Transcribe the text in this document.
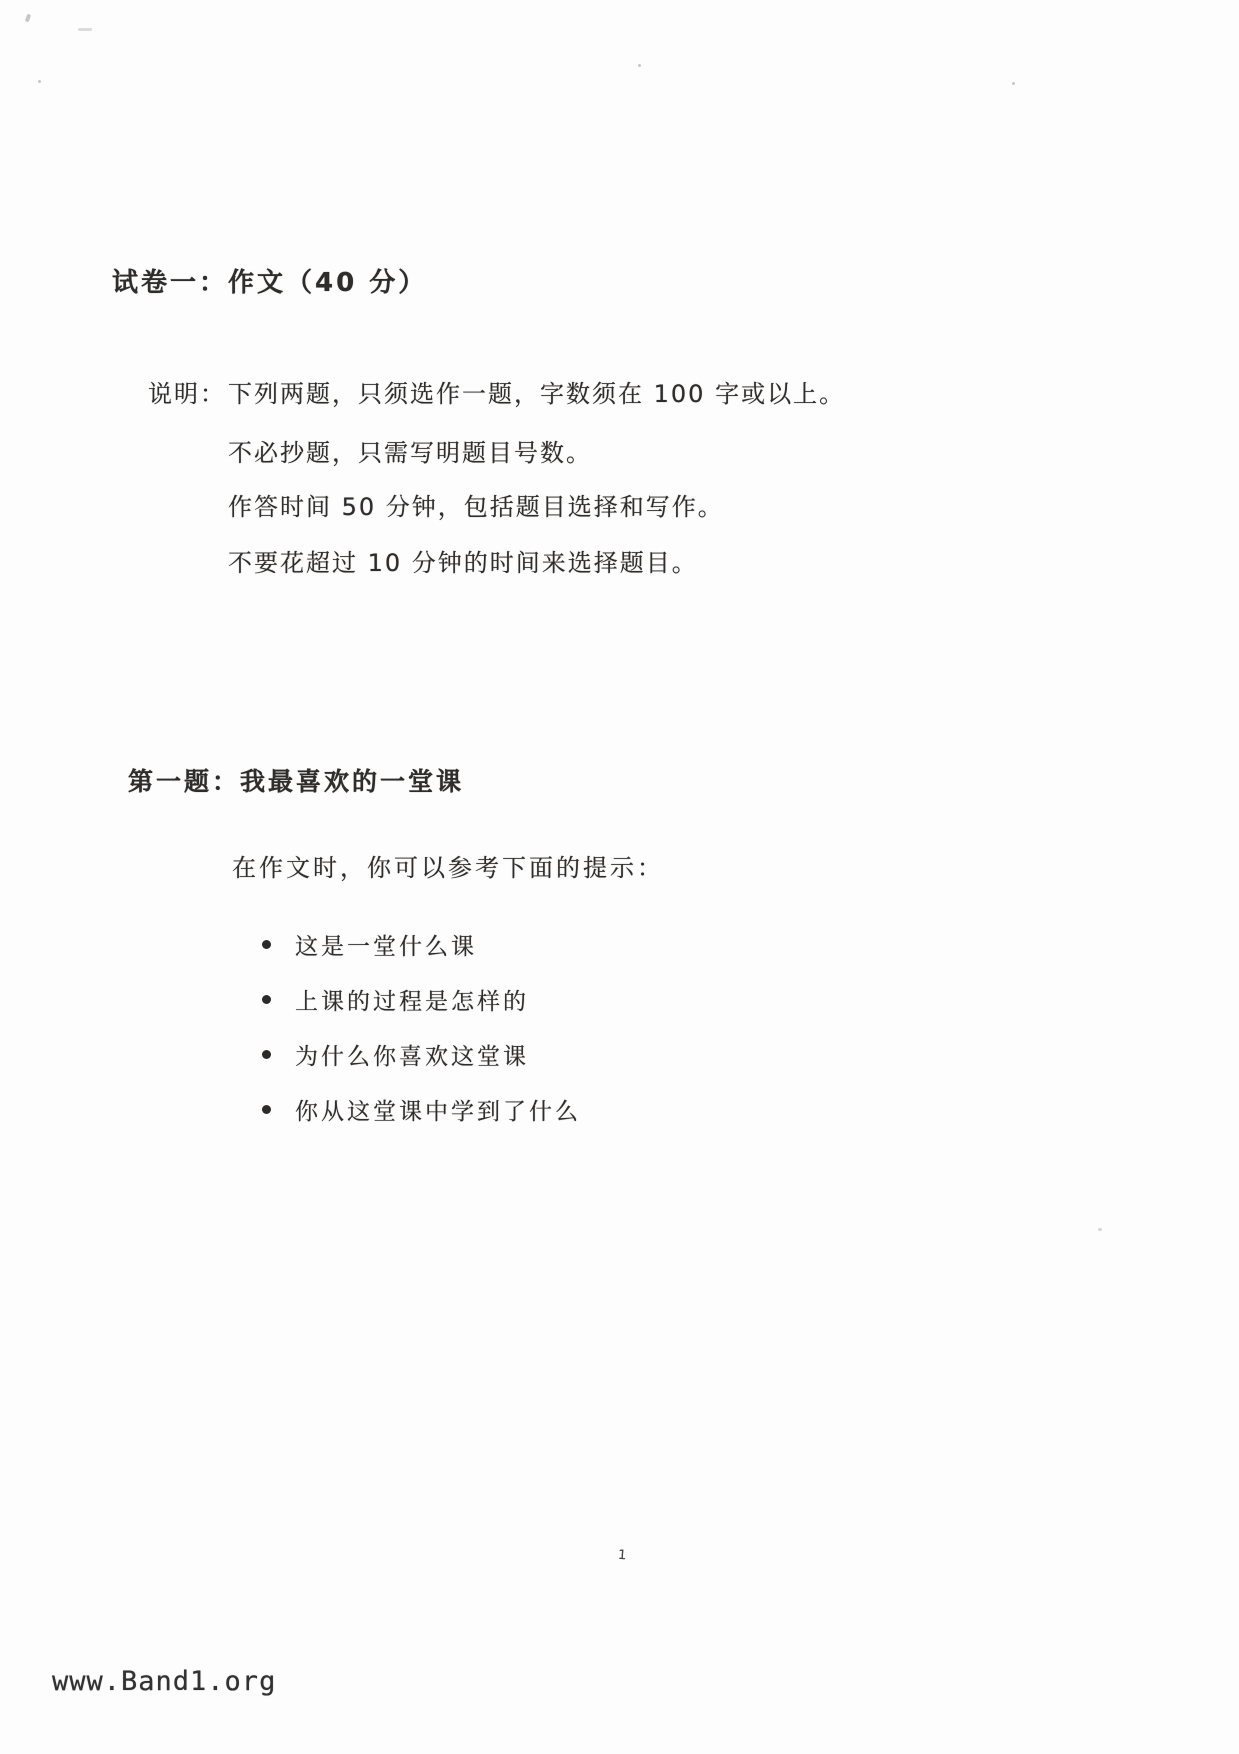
试卷一：作文（40 分）
说明： 下列两题，只须选作一题，字数须在 100 字或以上。
不必抄题，只需写明题目号数。
作答时间 50 分钟，包括题目选择和写作。
不要花超过 10 分钟的时间来选择题目。
第一题：我最喜欢的一堂课
在作文时，你可以参考下面的提示：
这是一堂什么课
上课的过程是怎样的
为什么你喜欢这堂课
你从这堂课中学到了什么
1
www.Band1.org
